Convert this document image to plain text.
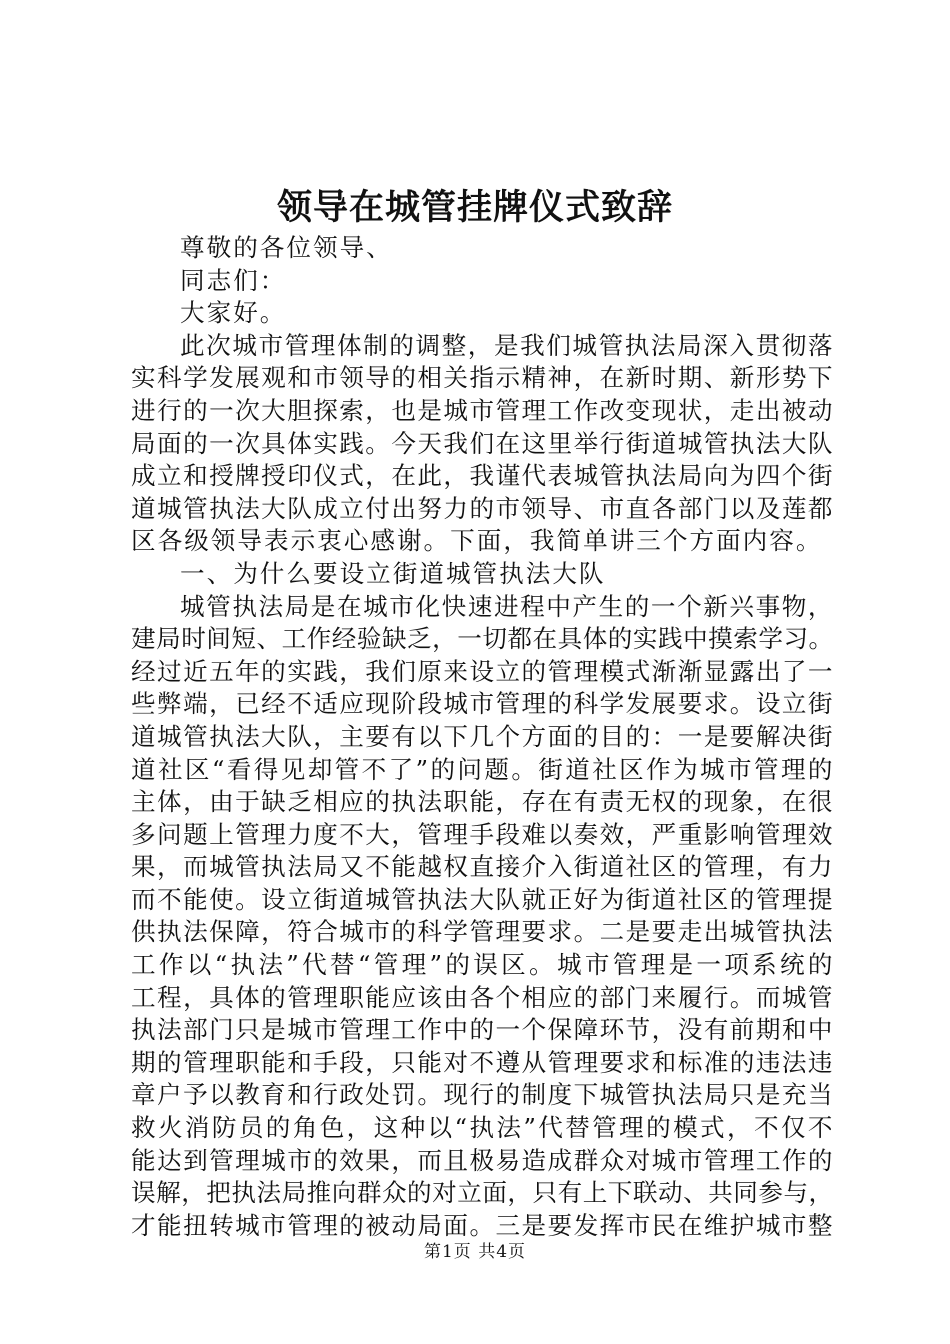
领导在城管挂牌仪式致辞
尊敬的各位领导、
同志们：
大家好。
此次城市管理体制的调整，是我们城管执法局深入贯彻落
实科学发展观和市领导的相关指示精神，在新时期、新形势下
进行的一次大胆探索，也是城市管理工作改变现状，走出被动
局面的一次具体实践。今天我们在这里举行街道城管执法大队
成立和授牌授印仪式，在此，我谨代表城管执法局向为四个街
道城管执法大队成立付出努力的市领导、市直各部门以及莲都
区各级领导表示衷心感谢。下面，我简单讲三个方面内容。
一、为什么要设立街道城管执法大队
城管执法局是在城市化快速进程中产生的一个新兴事物，
建局时间短、工作经验缺乏，一切都在具体的实践中摸索学习。
经过近五年的实践，我们原来设立的管理模式渐渐显露出了一
些弊端，已经不适应现阶段城市管理的科学发展要求。设立街
道城管执法大队，主要有以下几个方面的目的：一是要解决街
道社区“看得见却管不了”的问题。街道社区作为城市管理的
主体，由于缺乏相应的执法职能，存在有责无权的现象，在很
多问题上管理力度不大，管理手段难以奏效，严重影响管理效
果，而城管执法局又不能越权直接介入街道社区的管理，有力
而不能使。设立街道城管执法大队就正好为街道社区的管理提
供执法保障，符合城市的科学管理要求。二是要走出城管执法
工作以“执法”代替“管理”的误区。城市管理是一项系统的
工程，具体的管理职能应该由各个相应的部门来履行。而城管
执法部门只是城市管理工作中的一个保障环节，没有前期和中
期的管理职能和手段，只能对不遵从管理要求和标准的违法违
章户予以教育和行政处罚。现行的制度下城管执法局只是充当
救火消防员的角色，这种以“执法”代替管理的模式，不仅不
能达到管理城市的效果，而且极易造成群众对城市管理工作的
误解，把执法局推向群众的对立面，只有上下联动、共同参与，
才能扭转城市管理的被动局面。三是要发挥市民在维护城市整
第1页 共4页
